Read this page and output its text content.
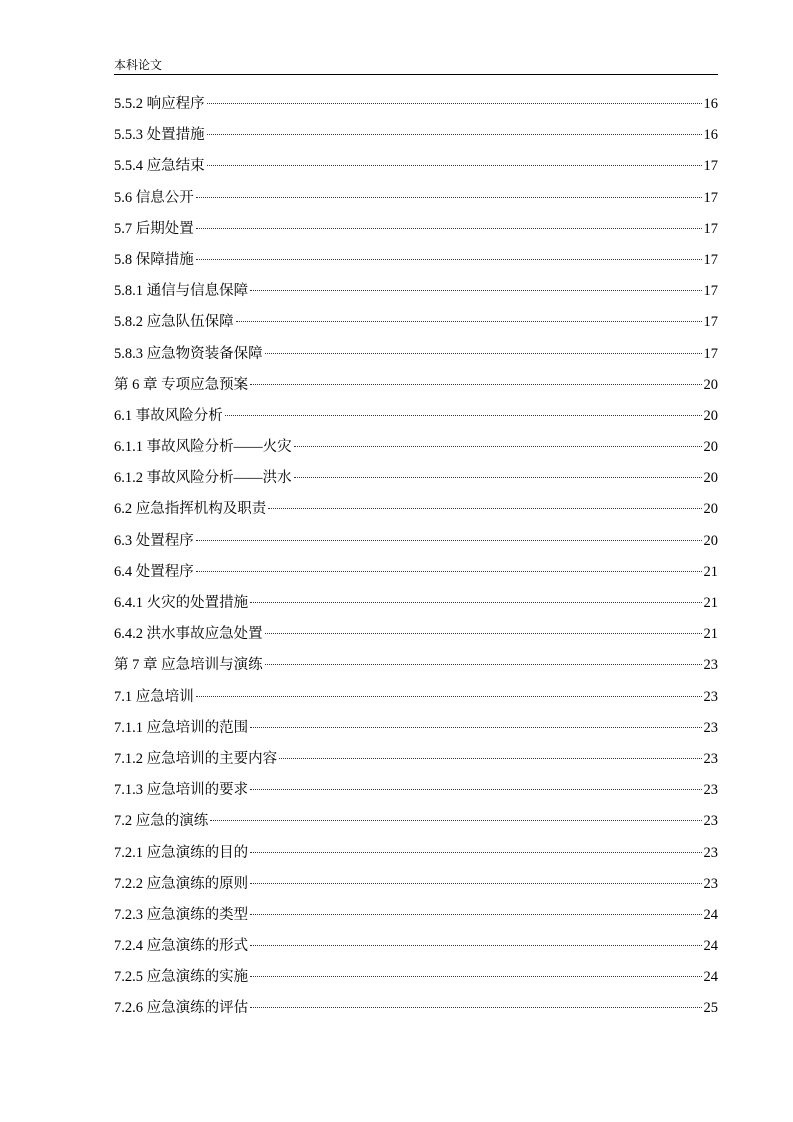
本科论文
5.5.2 响应程序	16
5.5.3 处置措施	16
5.5.4 应急结束	17
5.6 信息公开	17
5.7 后期处置	17
5.8 保障措施	17
5.8.1 通信与信息保障	17
5.8.2 应急队伍保障	17
5.8.3 应急物资装备保障	17
第 6 章 专项应急预案	20
6.1 事故风险分析	20
6.1.1 事故风险分析——火灾	20
6.1.2 事故风险分析——洪水	20
6.2 应急指挥机构及职责	20
6.3 处置程序	20
6.4 处置程序	21
6.4.1 火灾的处置措施	21
6.4.2 洪水事故应急处置	21
第 7 章 应急培训与演练	23
7.1 应急培训	23
7.1.1 应急培训的范围	23
7.1.2 应急培训的主要内容	23
7.1.3 应急培训的要求	23
7.2 应急的演练	23
7.2.1 应急演练的目的	23
7.2.2 应急演练的原则	23
7.2.3 应急演练的类型	24
7.2.4 应急演练的形式	24
7.2.5 应急演练的实施	24
7.2.6 应急演练的评估	25
